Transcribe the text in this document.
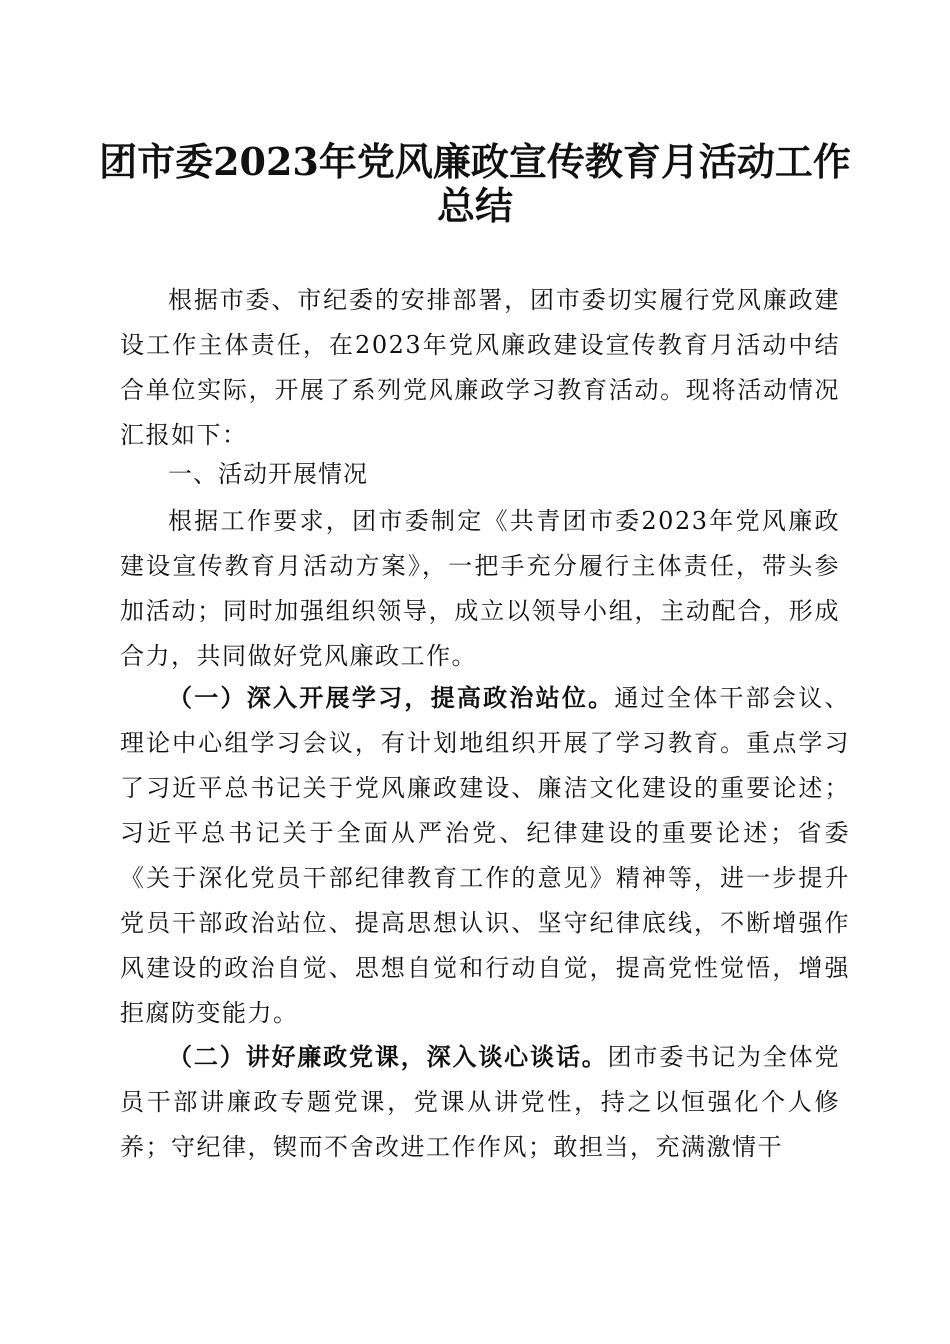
团市委2023年党风廉政宣传教育月活动工作
总结

根据市委、市纪委的安排部署，团市委切实履行党风廉政建设工作主体责任，在2023年党风廉政建设宣传教育月活动中结合单位实际，开展了系列党风廉政学习教育活动。现将活动情况汇报如下：

一、活动开展情况

根据工作要求，团市委制定《共青团市委2023年党风廉政建设宣传教育月活动方案》，一把手充分履行主体责任，带头参加活动；同时加强组织领导，成立以领导小组，主动配合，形成合力，共同做好党风廉政工作。

（一）深入开展学习，提高政治站位。通过全体干部会议、理论中心组学习会议，有计划地组织开展了学习教育。重点学习了习近平总书记关于党风廉政建设、廉洁文化建设的重要论述；习近平总书记关于全面从严治党、纪律建设的重要论述；省委《关于深化党员干部纪律教育工作的意见》精神等，进一步提升党员干部政治站位、提高思想认识、坚守纪律底线，不断增强作风建设的政治自觉、思想自觉和行动自觉，提高党性觉悟，增强拒腐防变能力。

（二）讲好廉政党课，深入谈心谈话。团市委书记为全体党员干部讲廉政专题党课，党课从讲党性，持之以恒强化个人修养；守纪律，锲而不舍改进工作作风；敢担当，充满激情干
